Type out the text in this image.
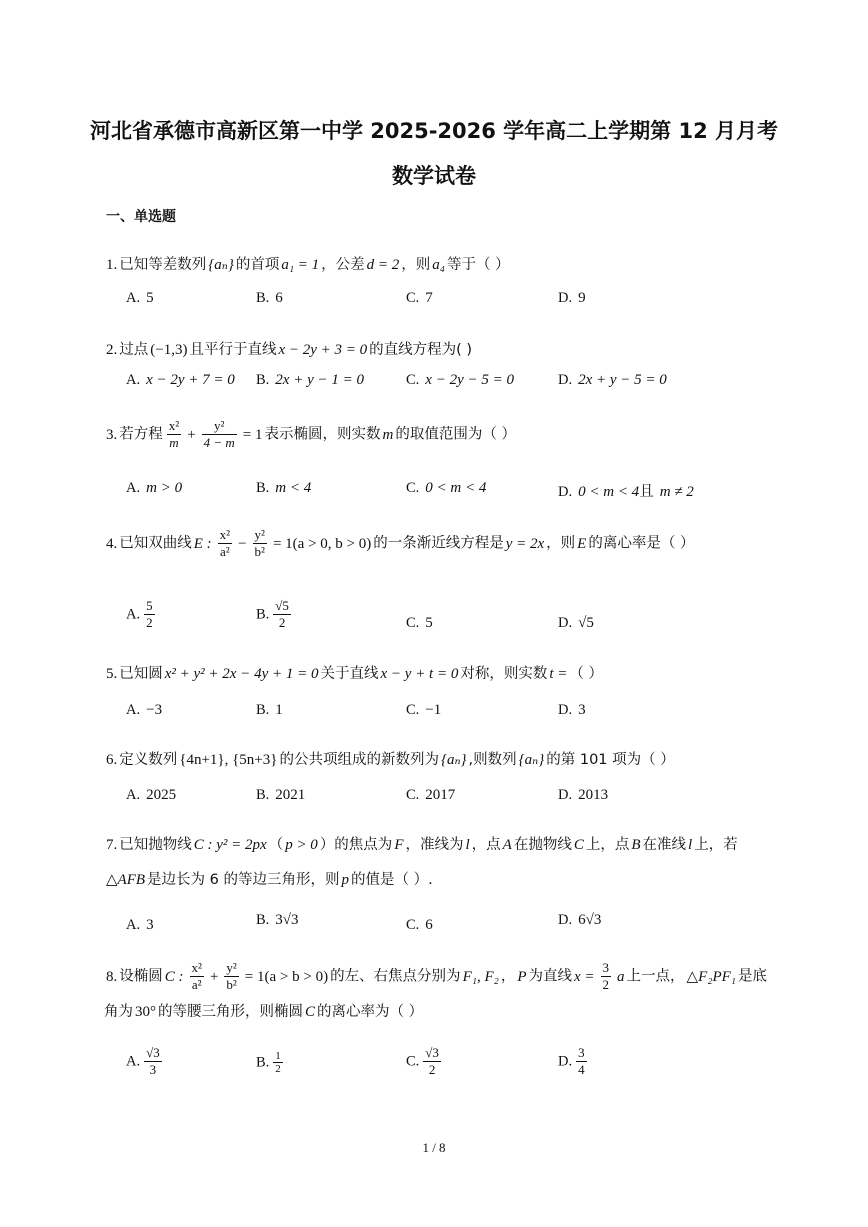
河北省承德市高新区第一中学 2025-2026 学年高二上学期第 12 月月考
数学试卷
一、单选题
1. 已知等差数列 {aₙ} 的首项 a₁ = 1 ，公差 d = 2 ，则 a₄ 等于（ ）
A. 5	B. 6	C. 7	D. 9
2. 过点 (−1,3) 且平行于直线 x − 2y + 3 = 0 的直线方程为( )
A. x − 2y + 7 = 0 B. 2x + y − 1 = 0	C. x − 2y − 5 = 0	D. 2x + y − 5 = 0
3. 若方程 $\frac{\text{x²}}{m} + \frac{\text{y²}}{4 - m} = 1$ 表示椭圆，则实数 m 的取值范围为（ ）
A. m > 0	B. m < 4	C. 0 < m < 4	D. 0 < m < 4且 m ≠ 2
4. 已知双曲线 E : $\frac{\text{x²}}{\text{a²}} - \frac{\text{y²}}{\text{b²}} = 1(a > 0$, b > 0) 的一条渐近线方程是 y = 2x ，则 E 的离心率是（ ）
A. $\frac{5}{2}$	B. $\frac{√5}{2}$	C. 5	D. √5
5. 已知圆 x² + y² + 2x − 4y + 1 = 0 关于直线 x − y + t = 0 对称，则实数 t = （ ）
A. −3	B. 1	C. −1	D. 3
6. 定义数列 {4n+1}, {5n+3} 的公共项组成的新数列为 {aₙ} ,则数列 {aₙ} 的第 101 项为（ ）
A. 2025	B. 2021	C. 2017	D. 2013
7. 已知抛物线 C : y² = 2px （ p > 0 ）的焦点为 F ，准线为 l ，点 A 在抛物线 C 上，点 B 在准线 l 上，若
△AFB 是边长为 6 的等边三角形，则 p 的值是（ ）.
A. 3	B. 3√3	C. 6	D. 6√3
8. 设椭圆 C : $\frac{\text{x²}}{\text{a²}} + \frac{\text{y²}}{\text{b²}} = 1(a > b > 0)$ 的左、右焦点分别为 F₁, F₂ ， P 为直线 $x = \frac{3}{2}$ a 上一点， △F₂PF₁ 是底
角为 30° 的等腰三角形，则椭圆 C 的离心率为（ ）
A. $\frac{√3}{3}$	B. $\frac{1}{2}$	C. $\frac{√3}{2}$	D. $\frac{3}{4}$
1 / 8
